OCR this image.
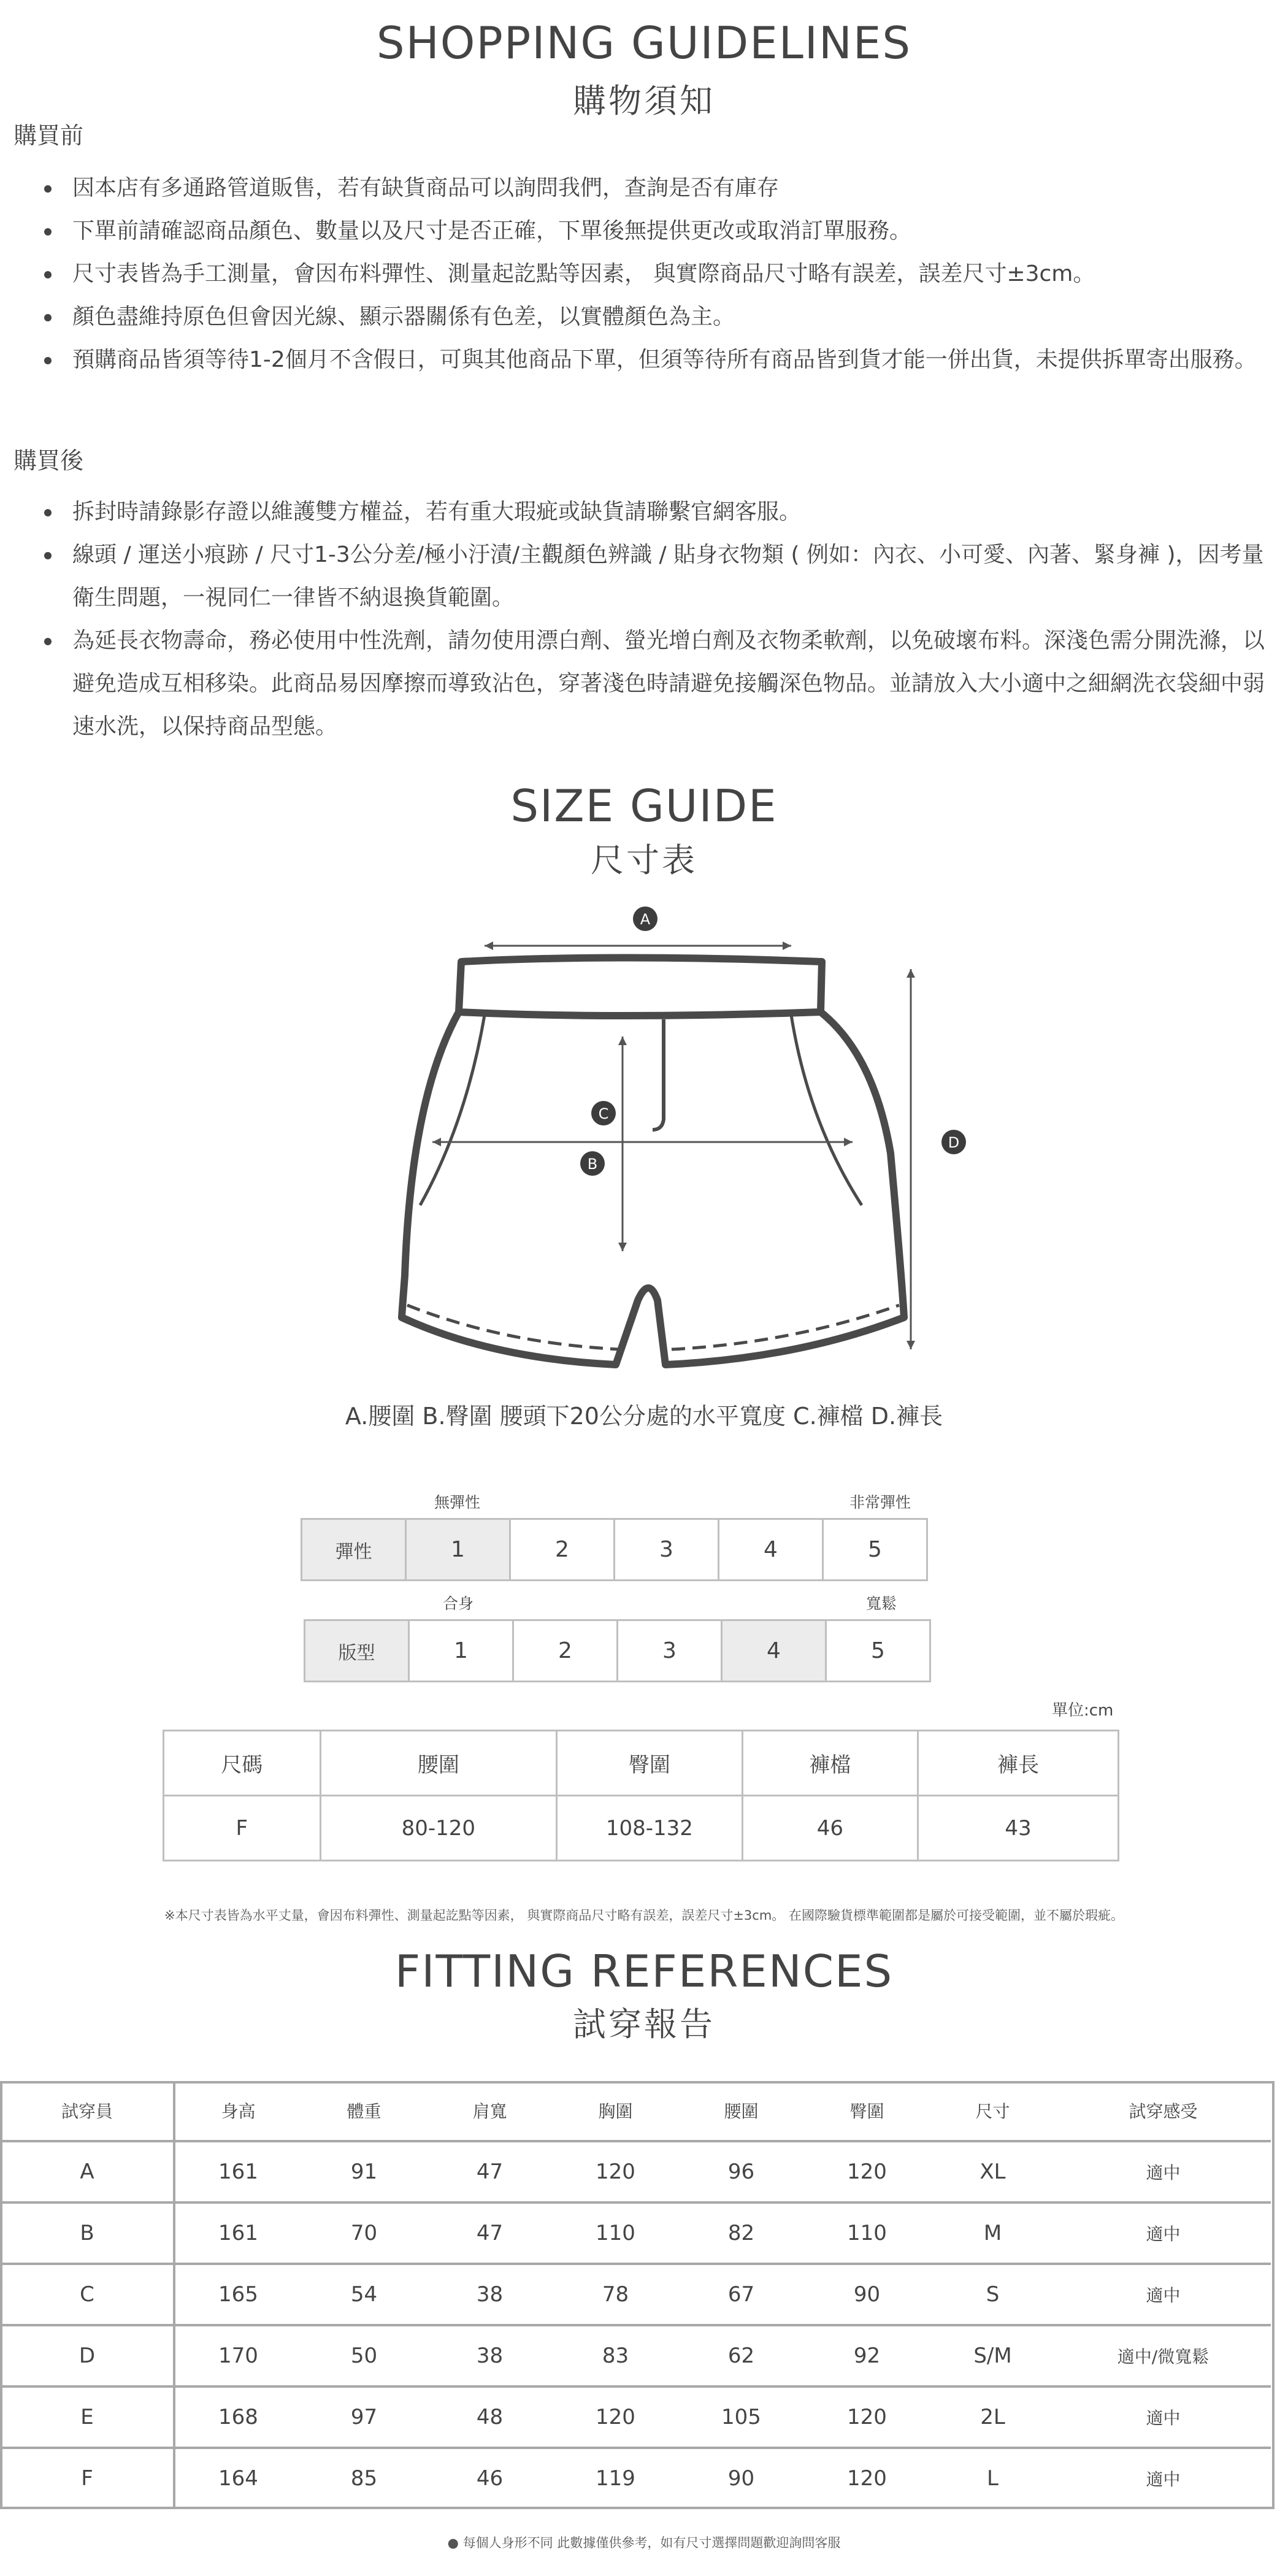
SHOPPING GUIDELINES
購物須知
購買前
因本店有多通路管道販售，若有缺貨商品可以詢問我們，查詢是否有庫存
下單前請確認商品顏色、數量以及尺寸是否正確，下單後無提供更改或取消訂單服務。
尺寸表皆為手工測量，會因布料彈性、測量起訖點等因素， 與實際商品尺寸略有誤差，誤差尺寸±3cm。
顏色盡維持原色但會因光線、顯示器關係有色差，以實體顏色為主。
預購商品皆須等待1-2個月不含假日，可與其他商品下單，但須等待所有商品皆到貨才能一併出貨，未提供拆單寄出服務。
購買後
拆封時請錄影存證以維護雙方權益，若有重大瑕疵或缺貨請聯繫官網客服。
線頭 / 運送小痕跡 / 尺寸1-3公分差/極小汙漬/主觀顏色辨識 / 貼身衣物類 ( 例如：內衣、小可愛、內著、緊身褲 )，因考量衛生問題，一視同仁一律皆不納退換貨範圍。
為延長衣物壽命，務必使用中性洗劑，請勿使用漂白劑、螢光增白劑及衣物柔軟劑，以免破壞布料。深淺色需分開洗滌，以避免造成互相移染。此商品易因摩擦而導致沾色，穿著淺色時請避免接觸深色物品。並請放入大小適中之細網洗衣袋細中弱速水洗，以保持商品型態。
SIZE GUIDE
尺寸表
A
B
C
D
A.腰圍 B.臀圍 腰頭下20公分處的水平寬度 C.褲檔 D.褲長
無彈性	非常彈性
彈性	1	2	3	4	5
合身	寬鬆
版型	1	2	3	4	5
單位:cm
尺碼	腰圍	臀圍	褲檔	褲長
F	80-120	108-132	46	43
※本尺寸表皆為水平丈量，會因布料彈性、測量起訖點等因素， 與實際商品尺寸略有誤差，誤差尺寸±3cm。 在國際驗貨標準範圍都是屬於可接受範圍，並不屬於瑕疵。
FITTING REFERENCES
試穿報告
試穿員	身高	體重	肩寬	胸圍	腰圍	臀圍	尺寸	試穿感受
A	161	91	47	120	96	120	XL	適中
B	161	70	47	110	82	110	M	適中
C	165	54	38	78	67	90	S	適中
D	170	50	38	83	62	92	S/M	適中/微寬鬆
E	168	97	48	120	105	120	2L	適中
F	164	85	46	119	90	120	L	適中
● 每個人身形不同 此數據僅供參考，如有尺寸選擇問題歡迎詢問客服
